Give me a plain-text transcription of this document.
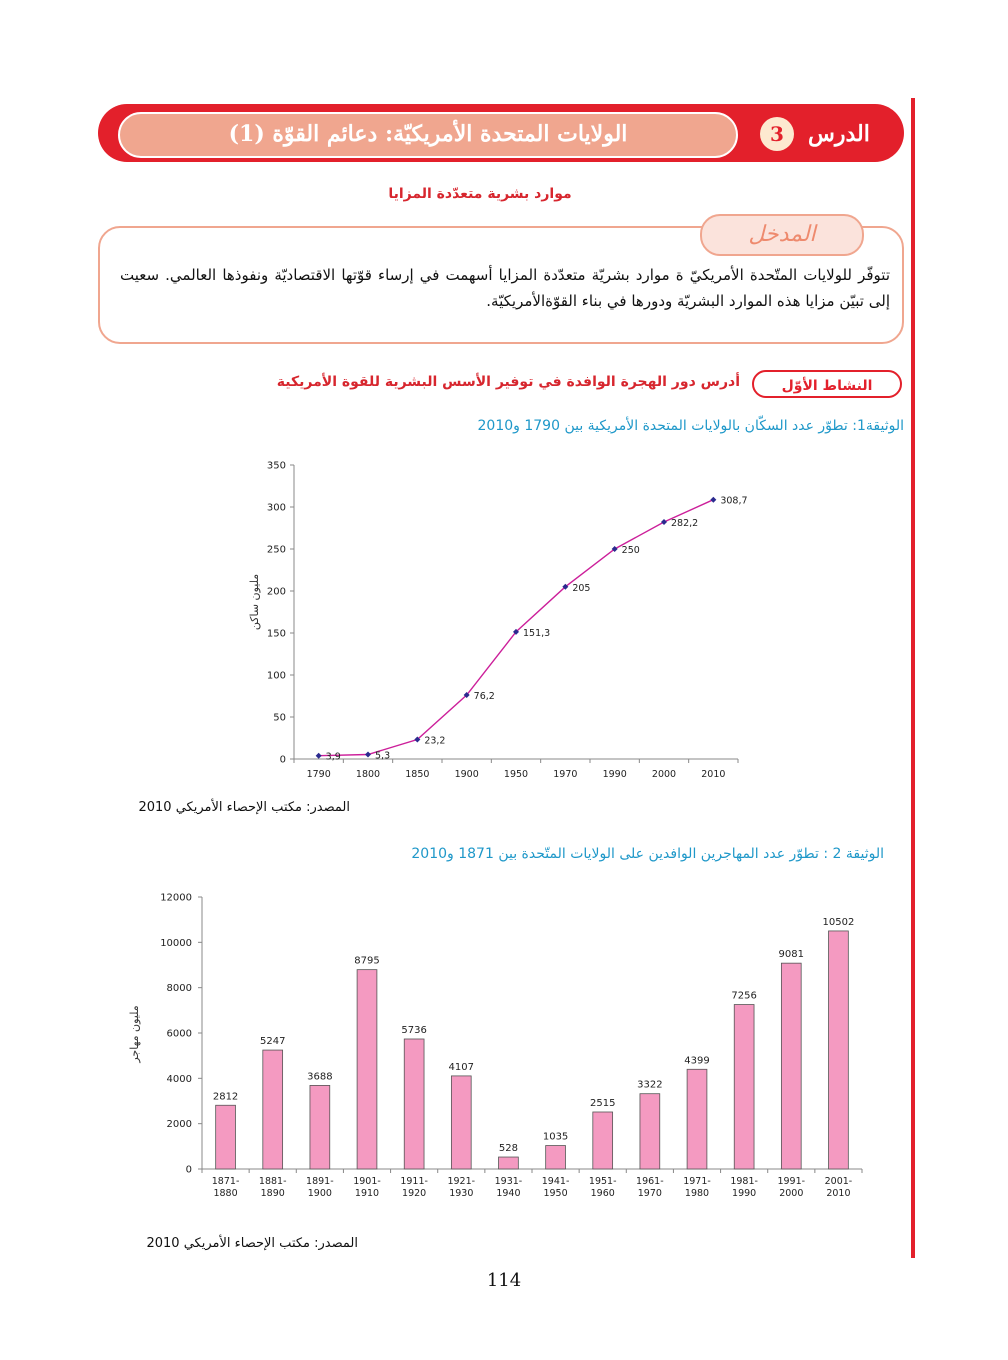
الولايات المتحدة الأمريكيّة: دعائم القوّة (1)	الدرس
3
موارد بشرية متعدّدة المزايا
المدخل
تتوفّر للولايات المتّحدة الأمريكيّ ة موارد بشريّة متعدّدة المزايا أسهمت في إرساء قوّتها الاقتصاديّة ونفوذها العالمي. سعيت إلى تبيّن مزايا هذه الموارد البشريّة ودورها في بناء القوّةالأمريكيّة.
النشاط الأوّل
أدرس دور الهجرة الوافدة في توفير الأسس البشرية للقوة الأمريكية
الوثيقة1: تطوّر عدد السكّان بالولايات المتحدة الأمريكية بين 1790 و2010
مليون ساكن
0
50
100
150
200
250
300
350
1790	1800	1850	1900	1950	1970	1990	2000	2010
3,9	5,3
23,2
76,2
151,3
205
250
282,2
308,7
المصدر: مكتب الإحصاء الأمريكي 2010
الوثيقة 2 : تطوّر عدد المهاجرين الوافدين على الولايات المتّحدة بين 1871 و2010
مليون مهاجر
0
2000
4000
6000
8000
10000
12000
2812
5247
3688
8795
5736
4107
528
1035
2515
3322
4399
7256
9081
10502
1871-
1880
1881-
1890
1891-
1900
1901-
1910
1911-
1920
1921-
1930
1931-
1940
1941-
1950
1951-
1960
1961-
1970
1971-
1980
1981-
1990
1991-
2000
2001-
2010
المصدر: مكتب الإحصاء الأمريكي 2010
114
